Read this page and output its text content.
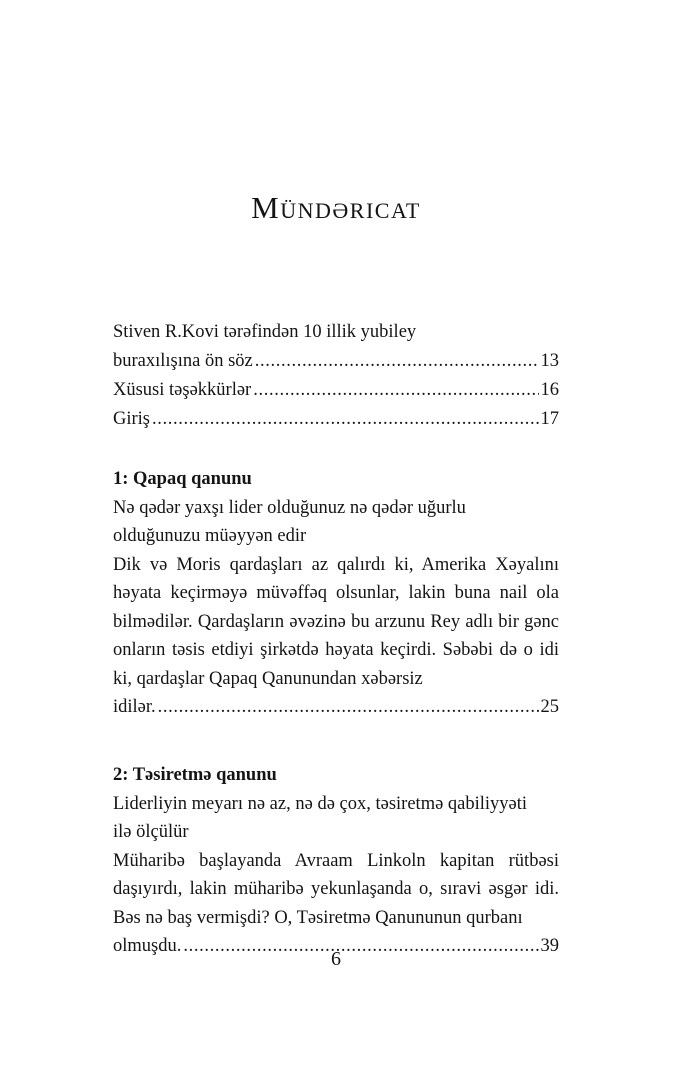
Mündəricat
Stiven R.Kovi tərəfindən 10 illik yubiley
buraxılışına ön söz . . .	13
Xüsusi təşəkkürlər . . .	16
Giriş . . .	17
1: Qapaq qanunu
Nə qədər yaxşı lider olduğunuz nə qədər uğurlu
olduğunuzu müəyyən edir
Dik və Moris qardaşları az qalırdı ki, Amerika Xəyalını həyata keçirməyə müvəffəq olsunlar, lakin buna nail ola bilmədilər. Qardaşların əvəzinə bu arzunu Rey adlı bir gənc onların təsis etdiyi şirkətdə həyata keçirdi. Səbəbi də o idi ki, qardaşlar Qapaq Qanunundan xəbərsiz
idilər. . . .	25
2: Təsiretmə qanunu
Liderliyin meyarı nə az, nə də çox, təsiretmə qabiliyyəti
ilə ölçülür
Müharibə başlayanda Avraam Linkoln kapitan rütbəsi daşıyırdı, lakin müharibə yekunlaşanda o, sıravi əsgər idi. Bəs nə baş vermişdi? O, Təsiretmə Qanununun qurbanı
olmuşdu. . . .	39
6
